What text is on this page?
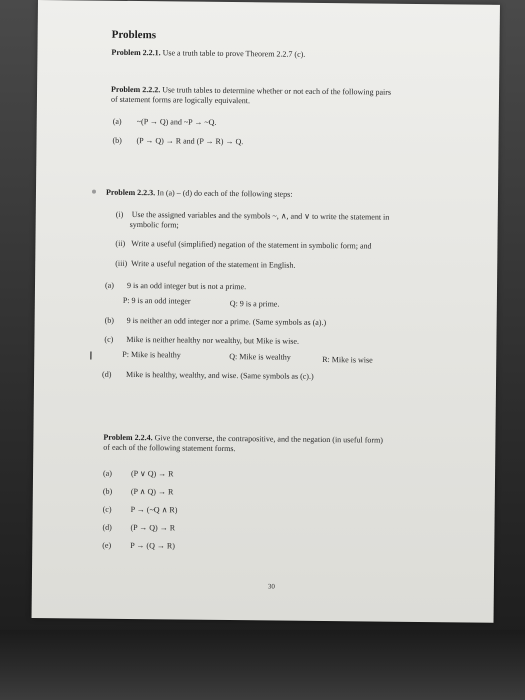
Problems
Problem 2.2.1. Use a truth table to prove Theorem 2.2.7 (c).
Problem 2.2.2. Use truth tables to determine whether or not each of the following pairs
of statement forms are logically equivalent.
(a) ~(P → Q) and ~P → ~Q.
(b) (P → Q) → R and (P → R) → Q.
Problem 2.2.3. In (a) – (d) do each of the following steps:
(i) Use the assigned variables and the symbols ~, ∧, and ∨ to write the statement in
symbolic form;
(ii) Write a useful (simplified) negation of the statement in symbolic form; and
(iii) Write a useful negation of the statement in English.
(a) 9 is an odd integer but is not a prime.
P: 9 is an odd integer	Q: 9 is a prime.
(b) 9 is neither an odd integer nor a prime. (Same symbols as (a).)
(c) Mike is neither healthy nor wealthy, but Mike is wise.
I	P: Mike is healthy	Q: Mike is wealthy	R: Mike is wise
(d) Mike is healthy, wealthy, and wise. (Same symbols as (c).)
Problem 2.2.4. Give the converse, the contrapositive, and the negation (in useful form)
of each of the following statement forms.
(a) (P ∨ Q) → R
(b) (P ∧ Q) → R
(c) P → (~Q ∧ R)
(d) (P → Q) → R
(e) P → (Q → R)
30
